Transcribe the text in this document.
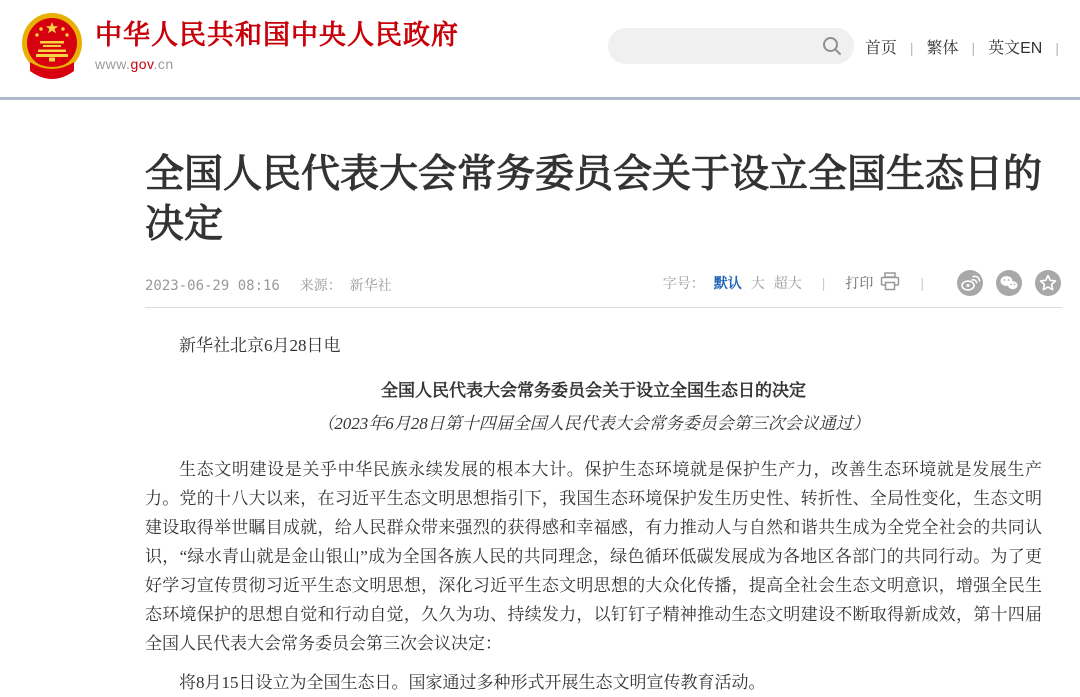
中华人民共和国中央人民政府
www.gov.cn
首页 | 繁体 | 英文EN |
全国人民代表大会常务委员会关于设立全国生态日的决定
2023-06-29 08:16 来源： 新华社	字号： 默认 大 超大 | 打印	|

新华社北京6月28日电

全国人民代表大会常务委员会关于设立全国生态日的决定

（2023年6月28日第十四届全国人民代表大会常务委员会第三次会议通过）

生态文明建设是关乎中华民族永续发展的根本大计。保护生态环境就是保护生产力，改善生态环境就是发展生产力。党的十八大以来，在习近平生态文明思想指引下，我国生态环境保护发生历史性、转折性、全局性变化，生态文明建设取得举世瞩目成就，给人民群众带来强烈的获得感和幸福感，有力推动人与自然和谐共生成为全党全社会的共同认识，“绿水青山就是金山银山”成为全国各族人民的共同理念，绿色循环低碳发展成为各地区各部门的共同行动。为了更好学习宣传贯彻习近平生态文明思想，深化习近平生态文明思想的大众化传播，提高全社会生态文明意识，增强全民生态环境保护的思想自觉和行动自觉，久久为功、持续发力，以钉钉子精神推动生态文明建设不断取得新成效，第十四届全国人民代表大会常务委员会第三次会议决定：

将8月15日设立为全国生态日。国家通过多种形式开展生态文明宣传教育活动。
